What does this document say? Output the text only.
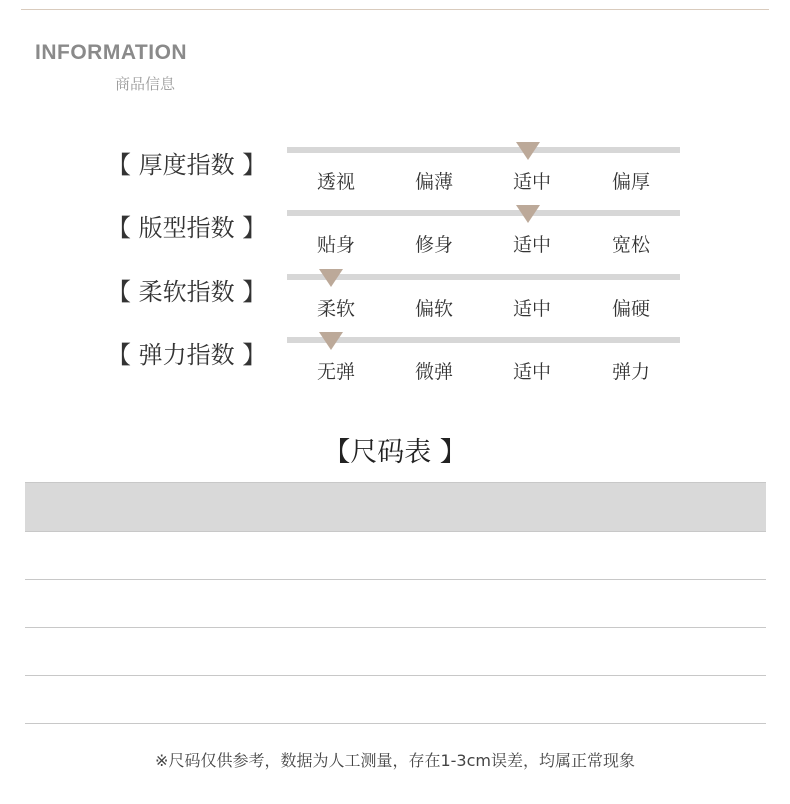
INFORMATION
商品信息
【 厚度指数 】
透视	偏薄	适中	偏厚
【 版型指数 】
贴身	修身	适中	宽松
【 柔软指数 】
柔软	偏软	适中	偏硬
【 弹力指数 】
无弹	微弹	适中	弹力
【尺码表 】
※尺码仅供参考，数据为人工测量，存在1-3cm误差，均属正常现象
